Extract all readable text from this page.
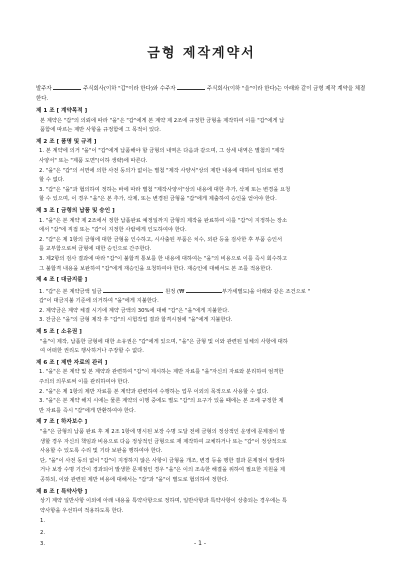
금형 제작계약서
발주자	주식회사(이하 "갑"이라 한다)와 수주자	주식회사(이하 "을"이라 한다)는 아래와 같이 금형 제작 계약을 체결한다.
제 1 조 [ 계약목적 ]
본 계약은 "갑"의 의뢰에 따라 "을"은 "갑"에게 본 계약 제 2조에 규정한 금형을 제작하여 이를 "갑"에게 납
품함에 따르는 제반 사항을 규정함에 그 목적이 있다.
제 2 조 [ 품명 및 규격 ]
1. 본 계약에 의거 "을"이 "갑"에게 납품해야 할 금형의 내역은 다음과 같으며, 그 상세 내역은 별첨의 "제작
사양서" 또는 "제품 도면"(이하 생략)에 따른다.
2. "을"은 "갑"의 서면에 의한 사전 동의가 없이는 별첨 "제작 사양서"상의 제반 내용에 대하여 임의로 변경
할 수 없다.
3. "갑"은 "을"과 협의하여 정하는 바에 따라 별첨 "제작사양서"상의 내용에 대한 추가, 삭제 또는 변경을 요청
할 수 있으며, 이 경우 "을"은 본 추가, 삭제, 또는 변경된 금형을 "갑"에게 제출하여 승인을 얻어야 한다.
제 3 조 [ 금형의 납품 및 승인 ]
1. "을"은 본 계약 제 2조에서 정한 납품완료 예정일까지 금형의 제작을 완료하여 이를 "갑"이 지정하는 장소
에서 "갑"에 직접 또는 "갑"이 지정한 사람에게 인도하여야 한다.
2. "갑"은 제 1항의 금형에 대한 금형을 인수하고, 시사출된 부품은 치수, 외관 등을 검사한 후 부품 승인서
를 교부함으로써 금형에 대한 승인으로 간주한다.
3. 제2항의 검사 결과에 따라 "갑"이 불합격 통보를 한 내용에 대하여는 "을"의 비용으로 이를 즉시 회수하고
그 불합격 내용을 보완하여 "갑"에게 재승인을 요청하여야 한다. 재승인에 대해서도 본 조를 적용한다.
제 4 조 [ 대금지불 ]
1. "갑"은 본 계약금액 일금	원정 (₩	부가세별도)을 아래와 같은 조건으로 "
갑"이 대금지불 기준에 의거하여 "을"에게 지불한다.
2. 계약금은 계약 체결 시기에 계약 금액의 30%에 대해 "갑"은 "을"에게 지불한다.
3. 잔금은 "을"의 금형 제작 후 "갑"의 시험작업 결과 합격시점에 "을"에게 지불한다.
제 5 조 [ 소유권 ]
"을"이 제작, 납품한 금형에 대한 소유권은 "갑"에게 있으며, "을"은 금형 및 이와 관련된 일체의 사항에 대하
여 어떠한 권리도 행사하거나 주장할 수 없다.
제 6 조 [ 제반 자료의 관리 ]
1. "을"은 본 계약 및 본 계약과 관련하여 "갑"이 제시하는 제반 자료를 "을"자신의 자료와 분리하여 엄격한
주의의 의무로써 이를 관리하여야 한다.
2. "을"은 제 1항의 제반 자료를 본 계약과 관련하여 수행하는 업무 이외의 목적으로 사용할 수 없다.
3. "을"은 본 계약 해지 시에는 물론 계약의 이행 중에도 별도 "갑"의 요구가 있을 때에는 본 조에 규정한 제
반 자료를 즉시 "갑"에게 반환하여야 한다.
제 7 조 [ 하자보수 ]
"을"은 금형의 납품 완료 후 제 2조 1항에 명시된 보장 수명 도달 전에 금형의 정상적인 운영에 문제점이 발
생할 경우 자신의 책임과 비용으로 다음 정상적인 금형으로 재 제작하여 교체하거나 또는 "갑"이 정상적으로
사용할 수 있도록 수리 및 기타 보완을 행하여야 한다.
단, "을"이 사전 동의 없이 "갑"이 지정하지 않은 사항이 금형을 개조, 변경 등을 행한 결과 문제점이 발생하
거나 보장 수명 기간이 경과되어 발생한 문제점인 경우 "을"은 이의 조속한 해결을 위하여 필요한 지원을 제
공하되, 이와 관련된 제반 비용에 대해서는 "갑"과 "을"이 별도로 협의하여 정한다.
제 8 조 [ 특약사항 ]
상기 계약 일반사항 이외에 아래 내용을 특약사항으로 정하며, 일반사항과 특약사항이 상충되는 경우에는 특
약사항을 우선하여 적용하도록 한다.
1.
2.
3.	- 1 -
